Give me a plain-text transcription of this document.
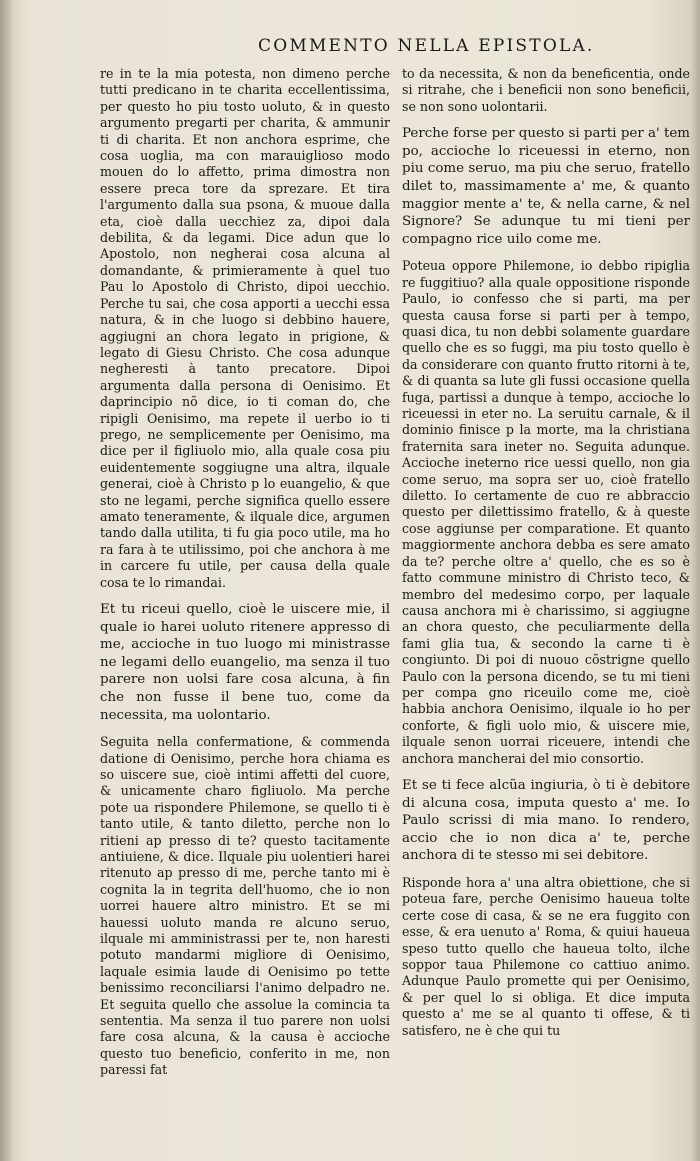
COMMENTO NELLA EPISTOLA.

re in te la mia potesta, non dimeno perche tutti predicano in te charita eccellentissima, per questo ho piu tosto uoluto, & in questo argumento pregarti per charita, & ammunir ti di charita. Et non anchora esprime, che cosa uoglia, ma con marauiglioso modo mouen do lo affetto, prima dimostra non essere preca tore da sprezare. Et tira l'argumento dalla sua psona, & muoue dalla eta, cioè dalla uecchiez za, dipoi dala debilita, & da legami. Dice adun que lo Apostolo, non negherai cosa alcuna al domandante, & primieramente à quel tuo Pau lo Apostolo di Christo, dipoi uecchio. Perche tu sai, che cosa apporti a uecchi essa natura, & in che luogo si debbino hauere, aggiugni an chora legato in prigione, & legato di Giesu Christo. Che cosa adunque negheresti à tanto precatore. Dipoi argumenta dalla persona di Oenisimo. Et daprincipio nõ dice, io ti coman do, che ripigli Oenisimo, ma repete il uerbo io ti prego, ne semplicemente per Oenisimo, ma dice per il figliuolo mio, alla quale cosa piu euidentemente soggiugne una altra, ilquale generai, cioè à Christo p lo euangelio, & que sto ne legami, perche significa quello essere amato teneramente, & ilquale dice, argumen tando dalla utilita, ti fu gia poco utile, ma ho ra fara à te utilissimo, poi che anchora à me in carcere fu utile, per causa della quale cosa te lo rimandai.

Et tu riceui quello, cioè le uiscere mie, il quale io harei uoluto ritenere appresso di me, accioche in tuo luogo mi ministrasse ne legami dello euangelio, ma senza il tuo parere non uolsi fare cosa alcuna, à fin che non fusse il bene tuo, come da necessita, ma uolontario.

Seguita nella confermatione, & commenda datione di Oenisimo, perche hora chiama es so uiscere sue, cioè intimi affetti del cuore, & unicamente charo figliuolo. Ma perche pote ua rispondere Philemone, se quello ti è tanto utile, & tanto diletto, perche non lo ritieni ap presso di te? questo tacitamente antiuiene, & dice. Ilquale piu uolentieri harei ritenuto ap presso di me, perche tanto mi è cognita la in tegrita dell'huomo, che io non uorrei hauere altro ministro. Et se mi hauessi uoluto manda re alcuno seruo, ilquale mi amministrassi per te, non haresti potuto mandarmi migliore di Oenisimo, laquale esimia laude di Oenisimo po tette benissimo reconciliarsi l'animo delpadro ne. Et seguita quello che assolue la comincia ta sententia. Ma senza il tuo parere non uolsi fare cosa alcuna, & la causa è accioche questo tuo beneficio, conferito in me, non paressi fat

to da necessita, & non da beneficentia, onde si ritrahe, che i beneficii non sono beneficii, se non sono uolontarii.

Perche forse per questo si parti per a' tem po, accioche lo riceuessi in eterno, non piu come seruo, ma piu che seruo, fratello dilet to, massimamente a' me, & quanto maggior mente a' te, & nella carne, & nel Signore? Se adunque tu mi tieni per compagno rice uilo come me.

Poteua oppore Philemone, io debbo ripiglia re fuggitiuo? alla quale oppositione risponde Paulo, io confesso che si parti, ma per questa causa forse si parti per à tempo, quasi dica, tu non debbi solamente guardare quello che es so fuggi, ma piu tosto quello è da considerare con quanto frutto ritorni à te, & di quanta sa lute gli fussi occasione quella fuga, partissi a dunque à tempo, accioche lo riceuessi in eter no. La seruitu carnale, & il dominio finisce p la morte, ma la christiana fraternita sara ineter no. Seguita adunque. Accioche ineterno rice uessi quello, non gia come seruo, ma sopra ser uo, cioè fratello diletto. Io certamente de cuo re abbraccio questo per dilettissimo fratello, & à queste cose aggiunse per comparatione. Et quanto maggiormente anchora debba es sere amato da te? perche oltre a' quello, che es so è fatto commune ministro di Christo teco, & membro del medesimo corpo, per laquale causa anchora mi è charissimo, si aggiugne an chora questo, che peculiarmente della fami glia tua, & secondo la carne ti è congiunto. Di poi di nuouo cõstrigne quello Paulo con la persona dicendo, se tu mi tieni per compa gno riceuilo come me, cioè habbia anchora Oenisimo, ilquale io ho per conforte, & figli uolo mio, & uiscere mie, ilquale senon uorrai riceuere, intendi che anchora mancherai del mio consortio.

Et se ti fece alcũa ingiuria, ò ti è debitore di alcuna cosa, imputa questo a' me. Io Paulo scrissi di mia mano. Io rendero, accio che io non dica a' te, perche anchora di te stesso mi sei debitore.

Risponde hora a' una altra obiettione, che si poteua fare, perche Oenisimo haueua tolte certe cose di casa, & se ne era fuggito con esse, & era uenuto a' Roma, & quiui haueua speso tutto quello che haueua tolto, ilche soppor taua Philemone co cattiuo animo. Adunque Paulo promette qui per Oenisimo, & per quel lo si obliga. Et dice imputa questo a' me se al quanto ti offese, & ti satisfero, ne è che qui tu
